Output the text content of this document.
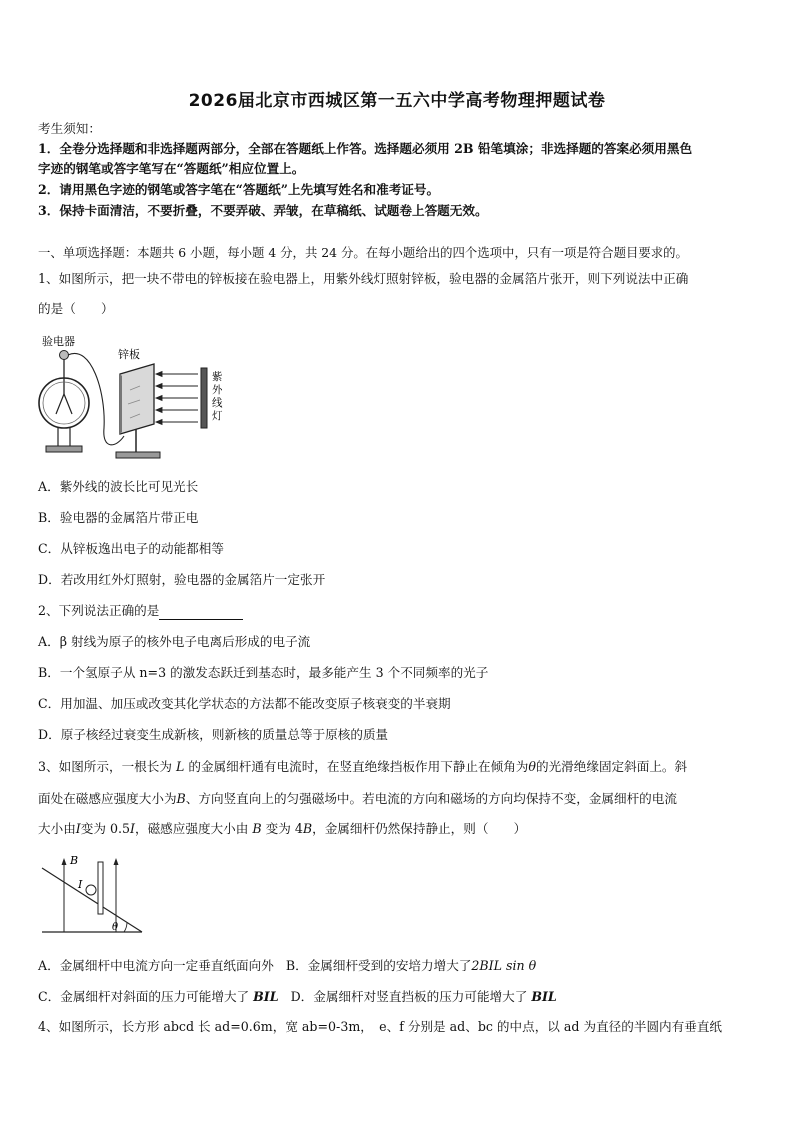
2026届北京市西城区第一五六中学高考物理押题试卷
考生须知：
1．全卷分选择题和非选择题两部分，全部在答题纸上作答。选择题必须用 2B 铅笔填涂；非选择题的答案必须用黑色
字迹的钢笔或答字笔写在“答题纸”相应位置上。
2．请用黑色字迹的钢笔或答字笔在“答题纸”上先填写姓名和准考证号。
3．保持卡面清洁，不要折叠，不要弄破、弄皱，在草稿纸、试题卷上答题无效。
一、单项选择题：本题共 6 小题，每小题 4 分，共 24 分。在每小题给出的四个选项中，只有一项是符合题目要求的。
1、如图所示，把一块不带电的锌板接在验电器上，用紫外线灯照射锌板，验电器的金属箔片张开，则下列说法中正确
的是（　　）
验电器
锌板
紫
外
线
灯
A．紫外线的波长比可见光长
B．验电器的金属箔片带正电
C．从锌板逸出电子的动能都相等
D．若改用红外灯照射，验电器的金属箔片一定张开
2、下列说法正确的是
A．β 射线为原子的核外电子电离后形成的电子流
B．一个氢原子从 n=3 的激发态跃迁到基态时，最多能产生 3 个不同频率的光子
C．用加温、加压或改变其化学状态的方法都不能改变原子核衰变的半衰期
D．原子核经过衰变生成新核，则新核的质量总等于原核的质量
3、如图所示，一根长为 L 的金属细杆通有电流时，在竖直绝缘挡板作用下静止在倾角为θ的光滑绝缘固定斜面上。斜
面处在磁感应强度大小为B、方向竖直向上的匀强磁场中。若电流的方向和磁场的方向均保持不变，金属细杆的电流
大小由I变为 0.5I，磁感应强度大小由 B 变为 4B，金属细杆仍然保持静止，则（　　）
B
I
θ
A．金属细杆中电流方向一定垂直纸面向外 B．金属细杆受到的安培力增大了2BIL sin θ
C．金属细杆对斜面的压力可能增大了 BIL D．金属细杆对竖直挡板的压力可能增大了 BIL
4、如图所示，长方形 abcd 长 ad=0.6m，宽 ab=0-3m，　e、f 分别是 ad、bc 的中点，以 ad 为直径的半圆内有垂直纸
